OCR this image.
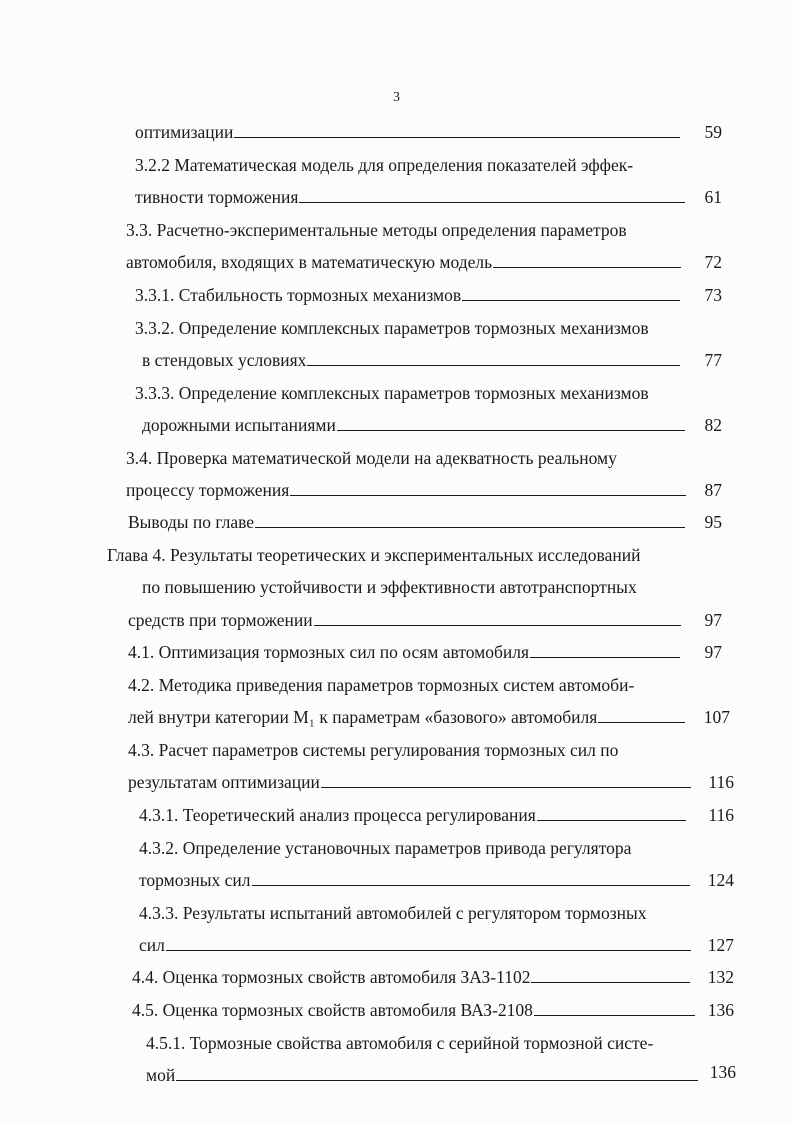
3
оптимизации	59
3.2.2 Математическая модель для определения показателей эффек-
тивности торможения	61
3.3. Расчетно-экспериментальные методы определения параметров
автомобиля, входящих в математическую модель	72
3.3.1. Стабильность тормозных механизмов	73
3.3.2. Определение комплексных параметров тормозных механизмов
в стендовых условиях	77
3.3.3. Определение комплексных параметров тормозных механизмов
дорожными испытаниями	82
3.4. Проверка математической модели на адекватность реальному
процессу торможения	87
Выводы по главе	95
Глава 4. Результаты теоретических и экспериментальных исследований
по повышению устойчивости и эффективности автотранспортных
средств при торможении	97
4.1. Оптимизация тормозных сил по осям автомобиля	97
4.2. Методика приведения параметров тормозных систем автомоби-
лей внутри категории М₁ к параметрам «базового» автомобиля	107
4.3. Расчет параметров системы регулирования тормозных сил по
результатам оптимизации	116
4.3.1. Теоретический анализ процесса регулирования	116
4.3.2. Определение установочных параметров привода регулятора
тормозных сил	124
4.3.3. Результаты испытаний автомобилей с регулятором тормозных
сил	127
4.4. Оценка тормозных свойств автомобиля ЗАЗ-1102	132
4.5. Оценка тормозных свойств автомобиля ВАЗ-2108	136
4.5.1. Тормозные свойства автомобиля с серийной тормозной систе-
мой	136
